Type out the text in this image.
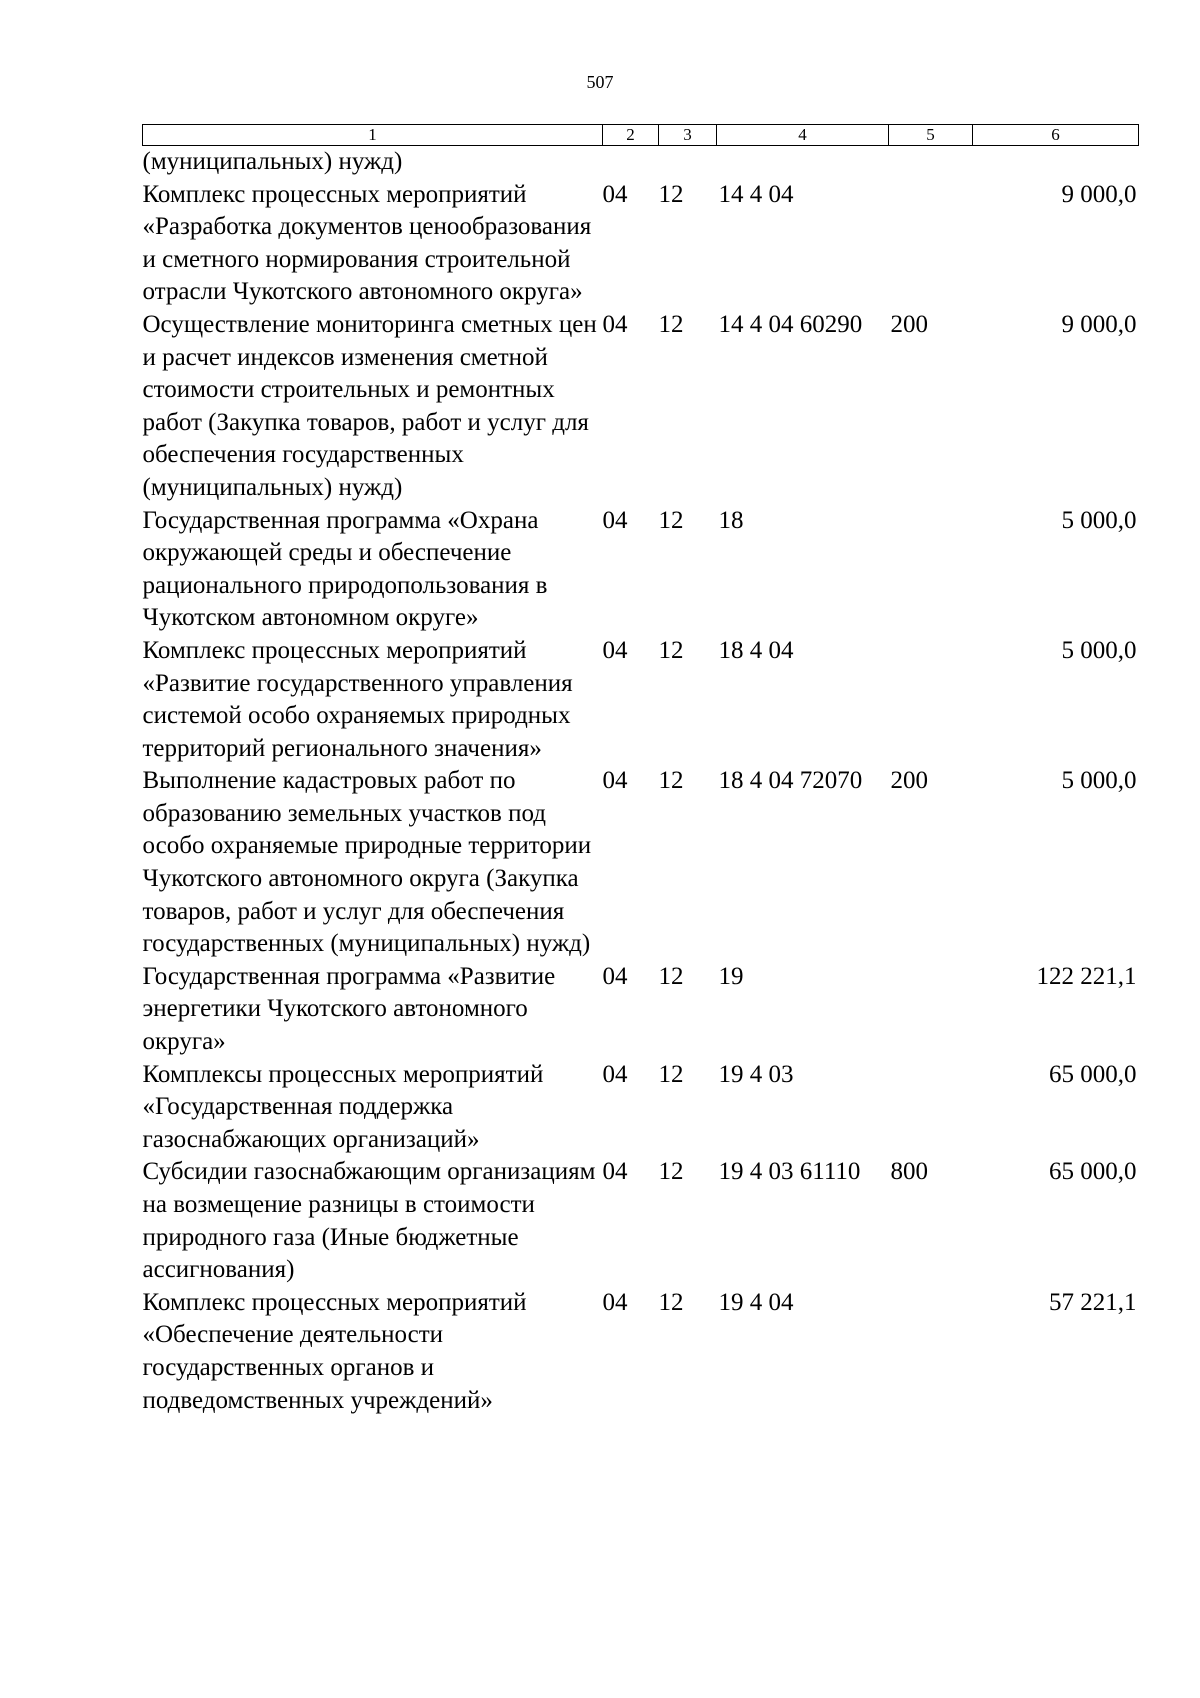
507
1	2	3	4	5	6
(муниципальных) нужд)					
Комплекс процессных мероприятий «Разработка документов ценообразования и сметного нормирования строительной отрасли Чукотского автономного округа»	04	12	14 4 04		9 000,0
Осуществление мониторинга сметных цен и расчет индексов изменения сметной стоимости строительных и ремонтных работ (Закупка товаров, работ и услуг для обеспечения государственных (муниципальных) нужд)	04	12	14 4 04 60290	200	9 000,0
Государственная программа «Охрана окружающей среды и обеспечение рационального природопользования в Чукотском автономном округе»	04	12	18		5 000,0
Комплекс процессных мероприятий «Развитие государственного управления системой особо охраняемых природных территорий регионального значения»	04	12	18 4 04		5 000,0
Выполнение кадастровых работ по образованию земельных участков под особо охраняемые природные территории Чукотского автономного округа (Закупка товаров, работ и услуг для обеспечения государственных (муниципальных) нужд)	04	12	18 4 04 72070	200	5 000,0
Государственная программа «Развитие энергетики Чукотского автономного округа»	04	12	19		122 221,1
Комплексы процессных мероприятий «Государственная поддержка газоснабжающих организаций»	04	12	19 4 03		65 000,0
Субсидии газоснабжающим организациям на возмещение разницы в стоимости природного газа (Иные бюджетные ассигнования)	04	12	19 4 03 61110	800	65 000,0
Комплекс процессных мероприятий «Обеспечение деятельности государственных органов и подведомственных учреждений»	04	12	19 4 04		57 221,1
